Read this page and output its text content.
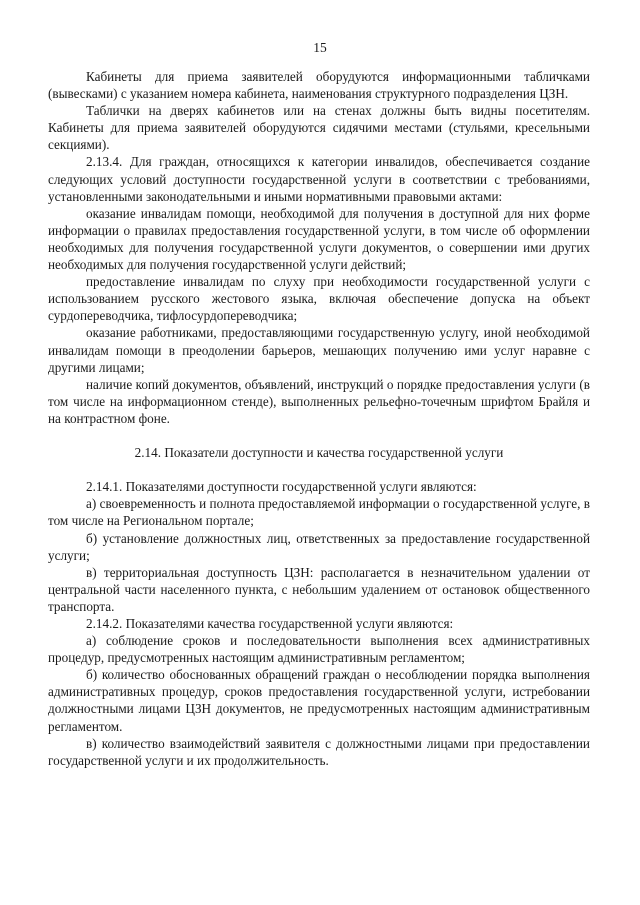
15

Кабинеты для приема заявителей оборудуются информационными табличками (вывесками) с указанием номера кабинета, наименования структурного подразделения ЦЗН.

Таблички на дверях кабинетов или на стенах должны быть видны посетителям. Кабинеты для приема заявителей оборудуются сидячими местами (стульями, кресельными секциями).

2.13.4. Для граждан, относящихся к категории инвалидов, обеспечивается создание следующих условий доступности государственной услуги в соответствии с требованиями, установленными законодательными и иными нормативными правовыми актами:

оказание инвалидам помощи, необходимой для получения в доступной для них форме информации о правилах предоставления государственной услуги, в том числе об оформлении необходимых для получения государственной услуги документов, о совершении ими других необходимых для получения государственной услуги действий;

предоставление инвалидам по слуху при необходимости государственной услуги с использованием русского жестового языка, включая обеспечение допуска на объект сурдопереводчика, тифлосурдопереводчика;

оказание работниками, предоставляющими государственную услугу, иной необходимой инвалидам помощи в преодолении барьеров, мешающих получению ими услуг наравне с другими лицами;

наличие копий документов, объявлений, инструкций о порядке предоставления услуги (в том числе на информационном стенде), выполненных рельефно-точечным шрифтом Брайля и на контрастном фоне.

2.14. Показатели доступности и качества государственной услуги

2.14.1. Показателями доступности государственной услуги являются:

а) своевременность и полнота предоставляемой информации о государственной услуге, в том числе на Региональном портале;

б) установление должностных лиц, ответственных за предоставление государственной услуги;

в) территориальная доступность ЦЗН: располагается в незначительном удалении от центральной части населенного пункта, с небольшим удалением от остановок общественного транспорта.

2.14.2. Показателями качества государственной услуги являются:

а) соблюдение сроков и последовательности выполнения всех административных процедур, предусмотренных настоящим административным регламентом;

б) количество обоснованных обращений граждан о несоблюдении порядка выполнения административных процедур, сроков предоставления государственной услуги, истребовании должностными лицами ЦЗН документов, не предусмотренных настоящим административным регламентом.

в) количество взаимодействий заявителя с должностными лицами при предоставлении государственной услуги и их продолжительность.
